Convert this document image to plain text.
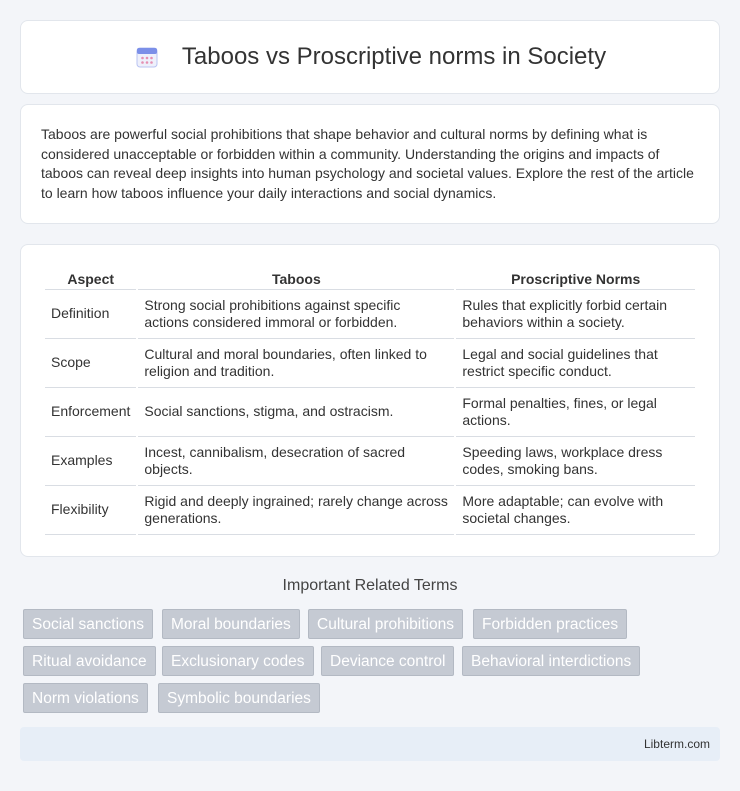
Taboos vs Proscriptive norms in Society

Taboos are powerful social prohibitions that shape behavior and cultural norms by defining what is considered unacceptable or forbidden within a community. Understanding the origins and impacts of taboos can reveal deep insights into human psychology and societal values. Explore the rest of the article to learn how taboos influence your daily interactions and social dynamics.

Aspect	Taboos	Proscriptive Norms
Definition	Strong social prohibitions against specific actions considered immoral or forbidden.	Rules that explicitly forbid certain behaviors within a society.
Scope	Cultural and moral boundaries, often linked to religion and tradition.	Legal and social guidelines that restrict specific conduct.
Enforcement	Social sanctions, stigma, and ostracism.	Formal penalties, fines, or legal actions.
Examples	Incest, cannibalism, desecration of sacred objects.	Speeding laws, workplace dress codes, smoking bans.
Flexibility	Rigid and deeply ingrained; rarely change across generations.	More adaptable; can evolve with societal changes.
Important Related Terms
Social sanctions	Moral boundaries	Cultural prohibitions	Forbidden practices
Ritual avoidance	Exclusionary codes	Deviance control	Behavioral interdictions
Norm violations	Symbolic boundaries
Libterm.com
